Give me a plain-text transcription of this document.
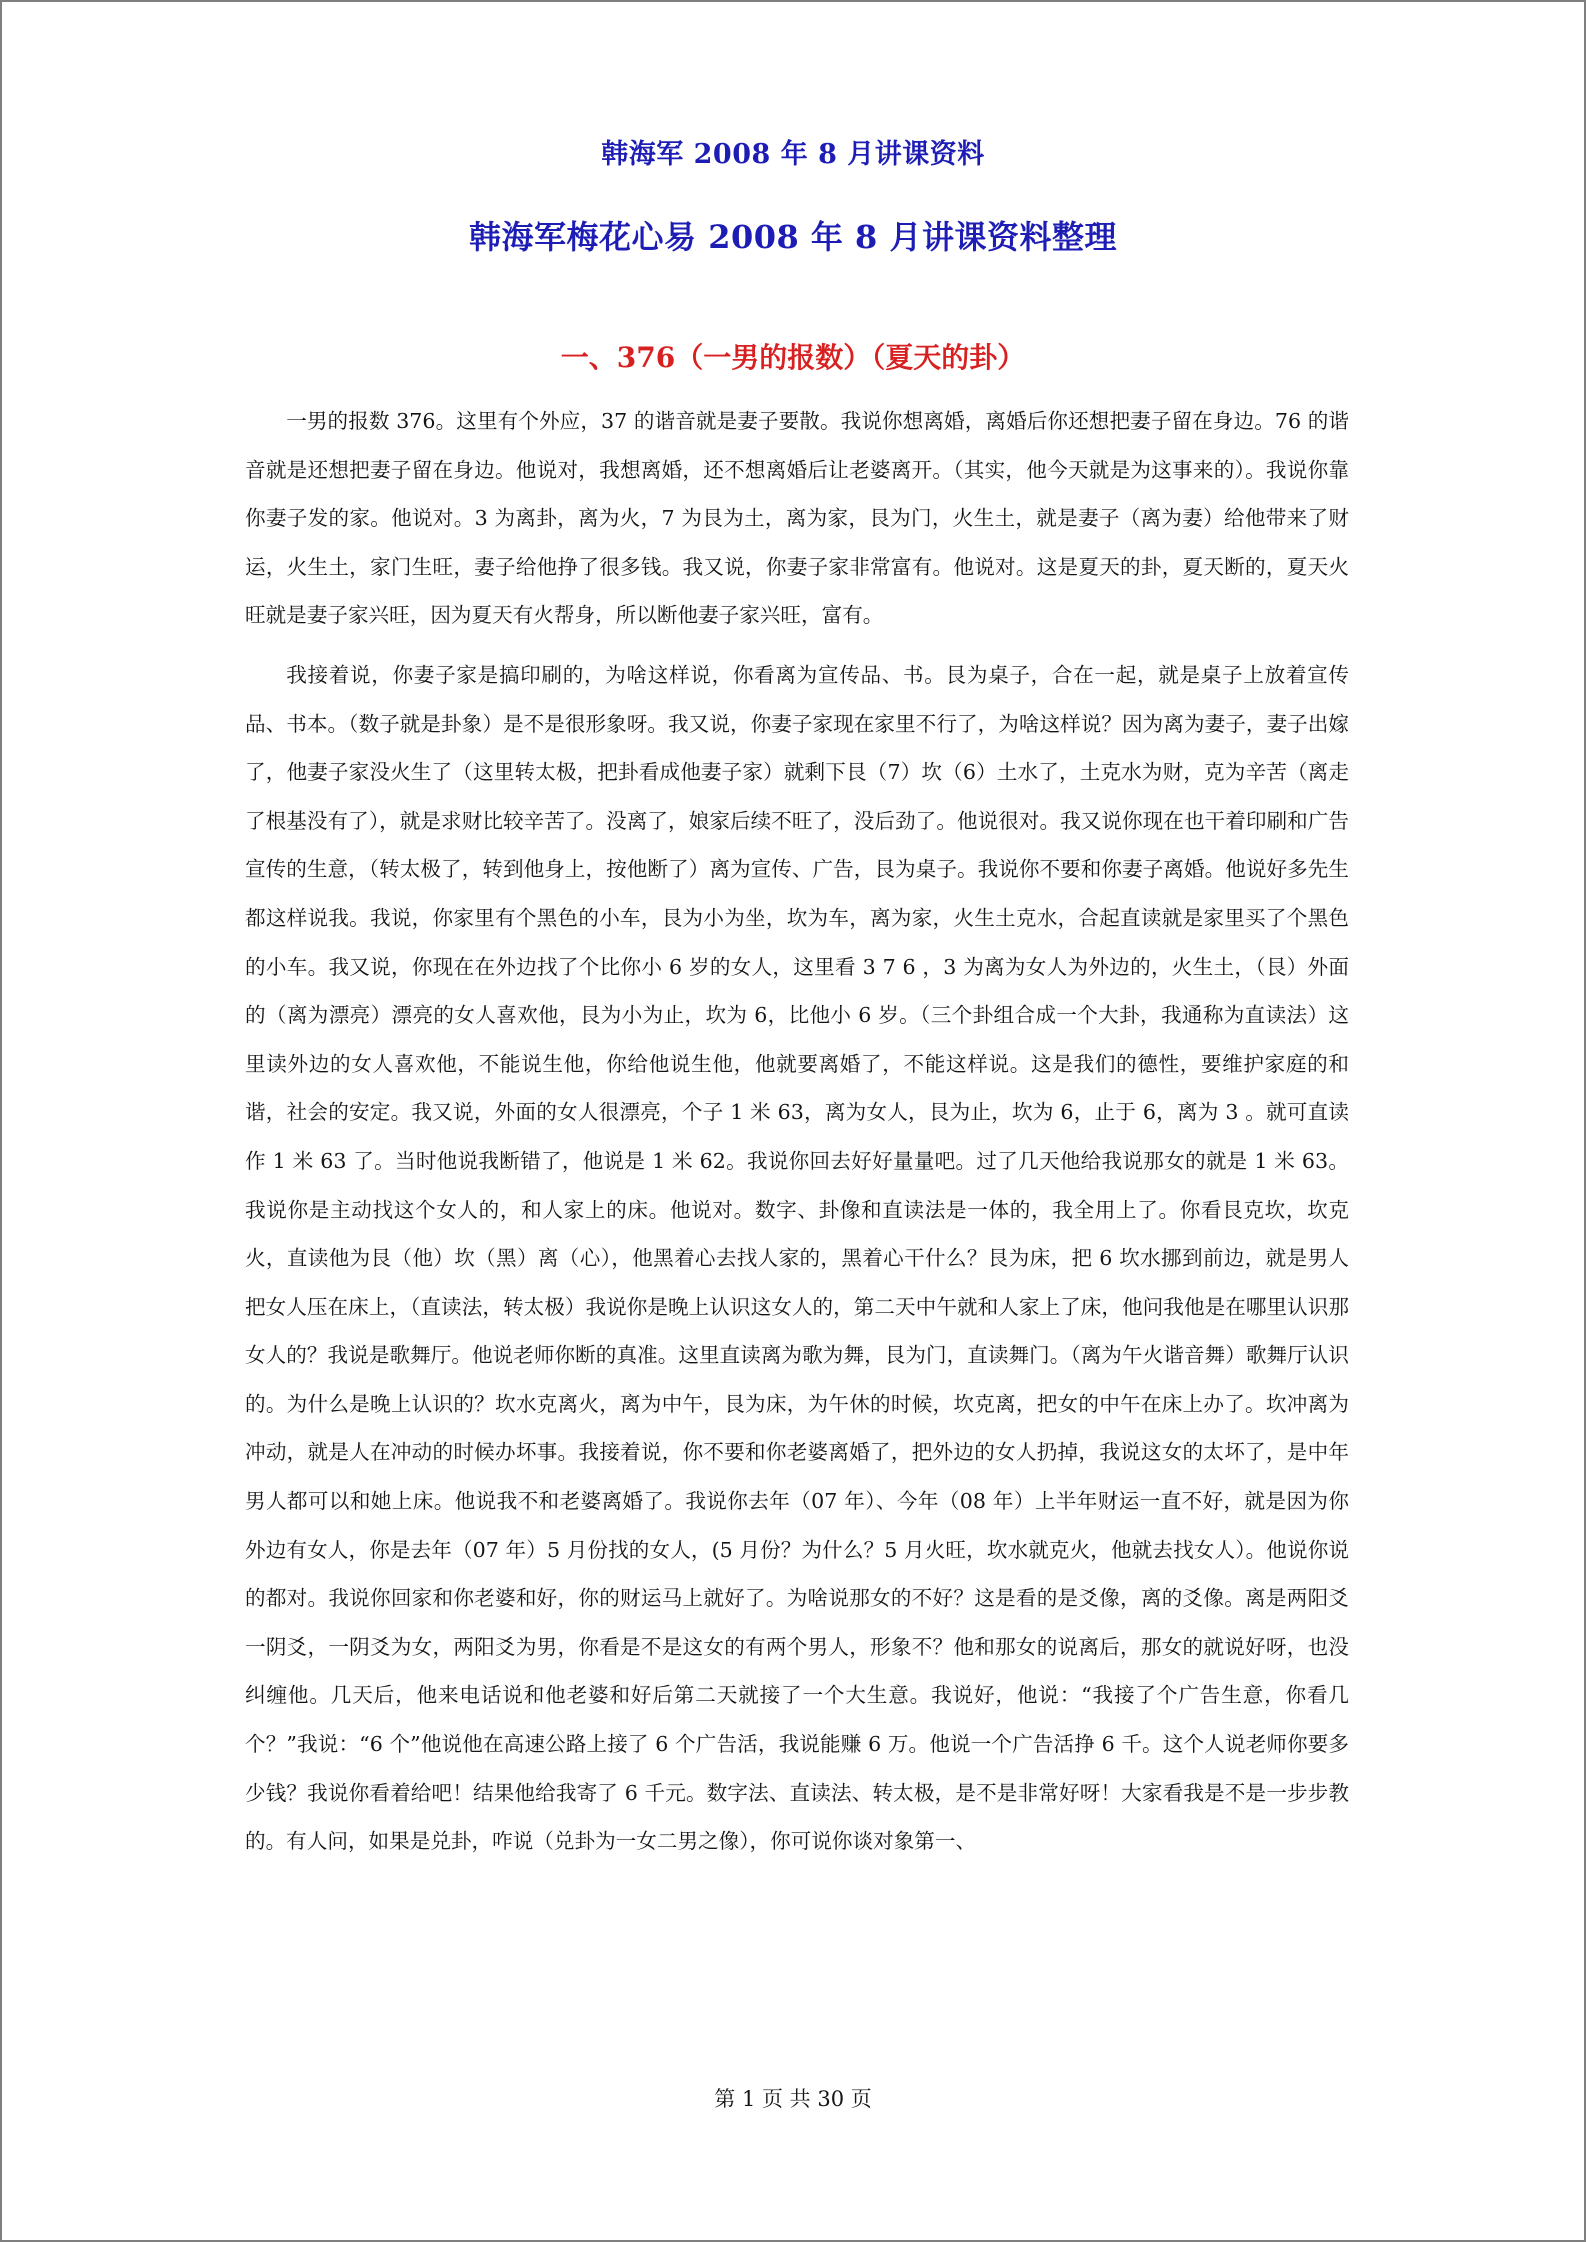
韩海军 2008 年 8 月讲课资料
韩海军梅花心易 2008 年 8 月讲课资料整理
一、376（一男的报数）（夏天的卦）

一男的报数 376。这里有个外应，37 的谐音就是妻子要散。我说你想离婚，离婚后你还想把妻子留在身边。76 的谐音就是还想把妻子留在身边。他说对，我想离婚，还不想离婚后让老婆离开。（其实，他今天就是为这事来的）。我说你靠你妻子发的家。他说对。3 为离卦，离为火，7 为艮为土，离为家，艮为门，火生土，就是妻子（离为妻）给他带来了财运，火生土，家门生旺，妻子给他挣了很多钱。我又说，你妻子家非常富有。他说对。这是夏天的卦，夏天断的，夏天火旺就是妻子家兴旺，因为夏天有火帮身，所以断他妻子家兴旺，富有。

我接着说，你妻子家是搞印刷的，为啥这样说，你看离为宣传品、书。艮为桌子，合在一起，就是桌子上放着宣传品、书本。（数子就是卦象）是不是很形象呀。我又说，你妻子家现在家里不行了，为啥这样说？因为离为妻子，妻子出嫁了，他妻子家没火生了（这里转太极，把卦看成他妻子家）就剩下艮（7）坎（6）土水了，土克水为财，克为辛苦（离走了根基没有了），就是求财比较辛苦了。没离了，娘家后续不旺了，没后劲了。他说很对。我又说你现在也干着印刷和广告宣传的生意，（转太极了，转到他身上，按他断了）离为宣传、广告，艮为桌子。我说你不要和你妻子离婚。他说好多先生都这样说我。我说，你家里有个黑色的小车，艮为小为坐，坎为车，离为家，火生土克水，合起直读就是家里买了个黑色的小车。我又说，你现在在外边找了个比你小 6 岁的女人，这里看 3 7 6 ，3 为离为女人为外边的，火生土，（艮）外面的（离为漂亮）漂亮的女人喜欢他，艮为小为止，坎为 6，比他小 6 岁。（三个卦组合成一个大卦，我通称为直读法）这里读外边的女人喜欢他，不能说生他，你给他说生他，他就要离婚了，不能这样说。这是我们的德性，要维护家庭的和谐，社会的安定。我又说，外面的女人很漂亮，个子 1 米 63，离为女人，艮为止，坎为 6，止于 6，离为 3 。就可直读作 1 米 63 了。当时他说我断错了，他说是 1 米 62。我说你回去好好量量吧。过了几天他给我说那女的就是 1 米 63。我说你是主动找这个女人的，和人家上的床。他说对。数字、卦像和直读法是一体的，我全用上了。你看艮克坎，坎克火，直读他为艮（他）坎（黑）离（心），他黑着心去找人家的，黑着心干什么？艮为床，把 6 坎水挪到前边，就是男人把女人压在床上，（直读法，转太极）我说你是晚上认识这女人的，第二天中午就和人家上了床，他问我他是在哪里认识那女人的？我说是歌舞厅。他说老师你断的真准。这里直读离为歌为舞，艮为门，直读舞门。（离为午火谐音舞）歌舞厅认识的。为什么是晚上认识的？坎水克离火，离为中午，艮为床，为午休的时候，坎克离，把女的中午在床上办了。坎冲离为冲动，就是人在冲动的时候办坏事。我接着说，你不要和你老婆离婚了，把外边的女人扔掉，我说这女的太坏了，是中年男人都可以和她上床。他说我不和老婆离婚了。我说你去年（07 年）、今年（08 年）上半年财运一直不好，就是因为你外边有女人，你是去年（07 年）5 月份找的女人，(5 月份？为什么？5 月火旺，坎水就克火，他就去找女人）。他说你说的都对。我说你回家和你老婆和好，你的财运马上就好了。为啥说那女的不好？这是看的是爻像，离的爻像。离是两阳爻一阴爻，一阴爻为女，两阳爻为男，你看是不是这女的有两个男人，形象不？他和那女的说离后，那女的就说好呀，也没纠缠他。几天后，他来电话说和他老婆和好后第二天就接了一个大生意。我说好，他说：“我接了个广告生意，你看几个？”我说：“6 个”他说他在高速公路上接了 6 个广告活，我说能赚 6 万。他说一个广告活挣 6 千。这个人说老师你要多少钱？我说你看着给吧！结果他给我寄了 6 千元。数字法、直读法、转太极，是不是非常好呀！大家看我是不是一步步教的。有人问，如果是兑卦，咋说（兑卦为一女二男之像），你可说你谈对象第一、

第 1 页 共 30 页
